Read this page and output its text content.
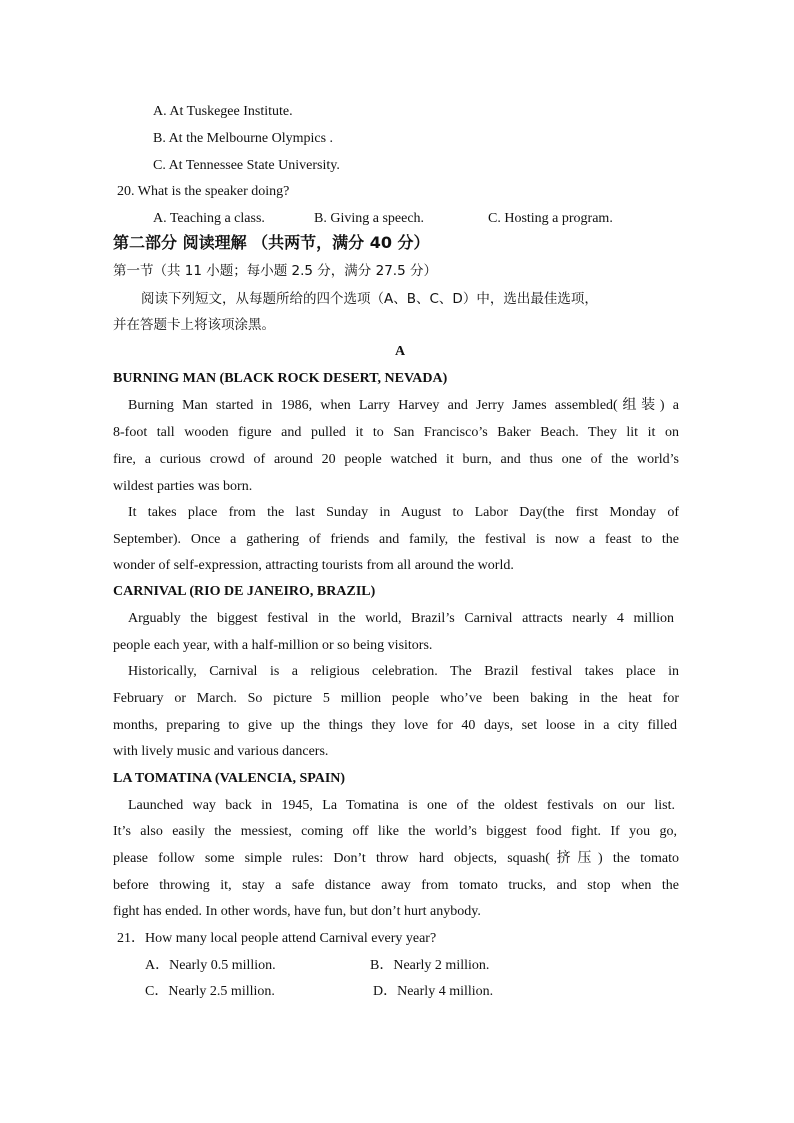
A. At Tuskegee Institute.
B. At the Melbourne Olympics .
C. At Tennessee State University.
20. What is the speaker doing?
A. Teaching a class.	B. Giving a speech.	C. Hosting a program.
第二部分 阅读理解 （共两节，满分 40 分）
第一节（共 11 小题；每小题 2.5 分，满分 27.5 分）
阅读下列短文，从每题所给的四个选项（A、B、C、D）中，选出最佳选项，
并在答题卡上将该项涂黑。
A
BURNING MAN (BLACK ROCK DESERT, NEVADA)
Burning Man started in 1986, when Larry Harvey and Jerry James assembled(组装) a
8-foot tall wooden figure and pulled it to San Francisco’s Baker Beach. They lit it on
fire, a curious crowd of around 20 people watched it burn, and thus one of the world’s
wildest parties was born.
It takes place from the last Sunday in August to Labor Day(the first Monday of
September). Once a gathering of friends and family, the festival is now a feast to the
wonder of self-expression, attracting tourists from all around the world.
CARNIVAL (RIO DE JANEIRO, BRAZIL)
Arguably the biggest festival in the world, Brazil’s Carnival attracts nearly 4 million
people each year, with a half-million or so being visitors.
Historically, Carnival is a religious celebration. The Brazil festival takes place in
February or March. So picture 5 million people who’ve been baking in the heat for
months, preparing to give up the things they love for 40 days, set loose in a city filled
with lively music and various dancers.
LA TOMATINA (VALENCIA, SPAIN)
Launched way back in 1945, La Tomatina is one of the oldest festivals on our list.
It’s also easily the messiest, coming off like the world’s biggest food fight. If you go,
please follow some simple rules: Don’t throw hard objects, squash(挤压) the tomato
before throwing it, stay a safe distance away from tomato trucks, and stop when the
fight has ended. In other words, have fun, but don’t hurt anybody.
21．How many local people attend Carnival every year?
A．Nearly 0.5 million.	B．Nearly 2 million.
C．Nearly 2.5 million.	D．Nearly 4 million.
